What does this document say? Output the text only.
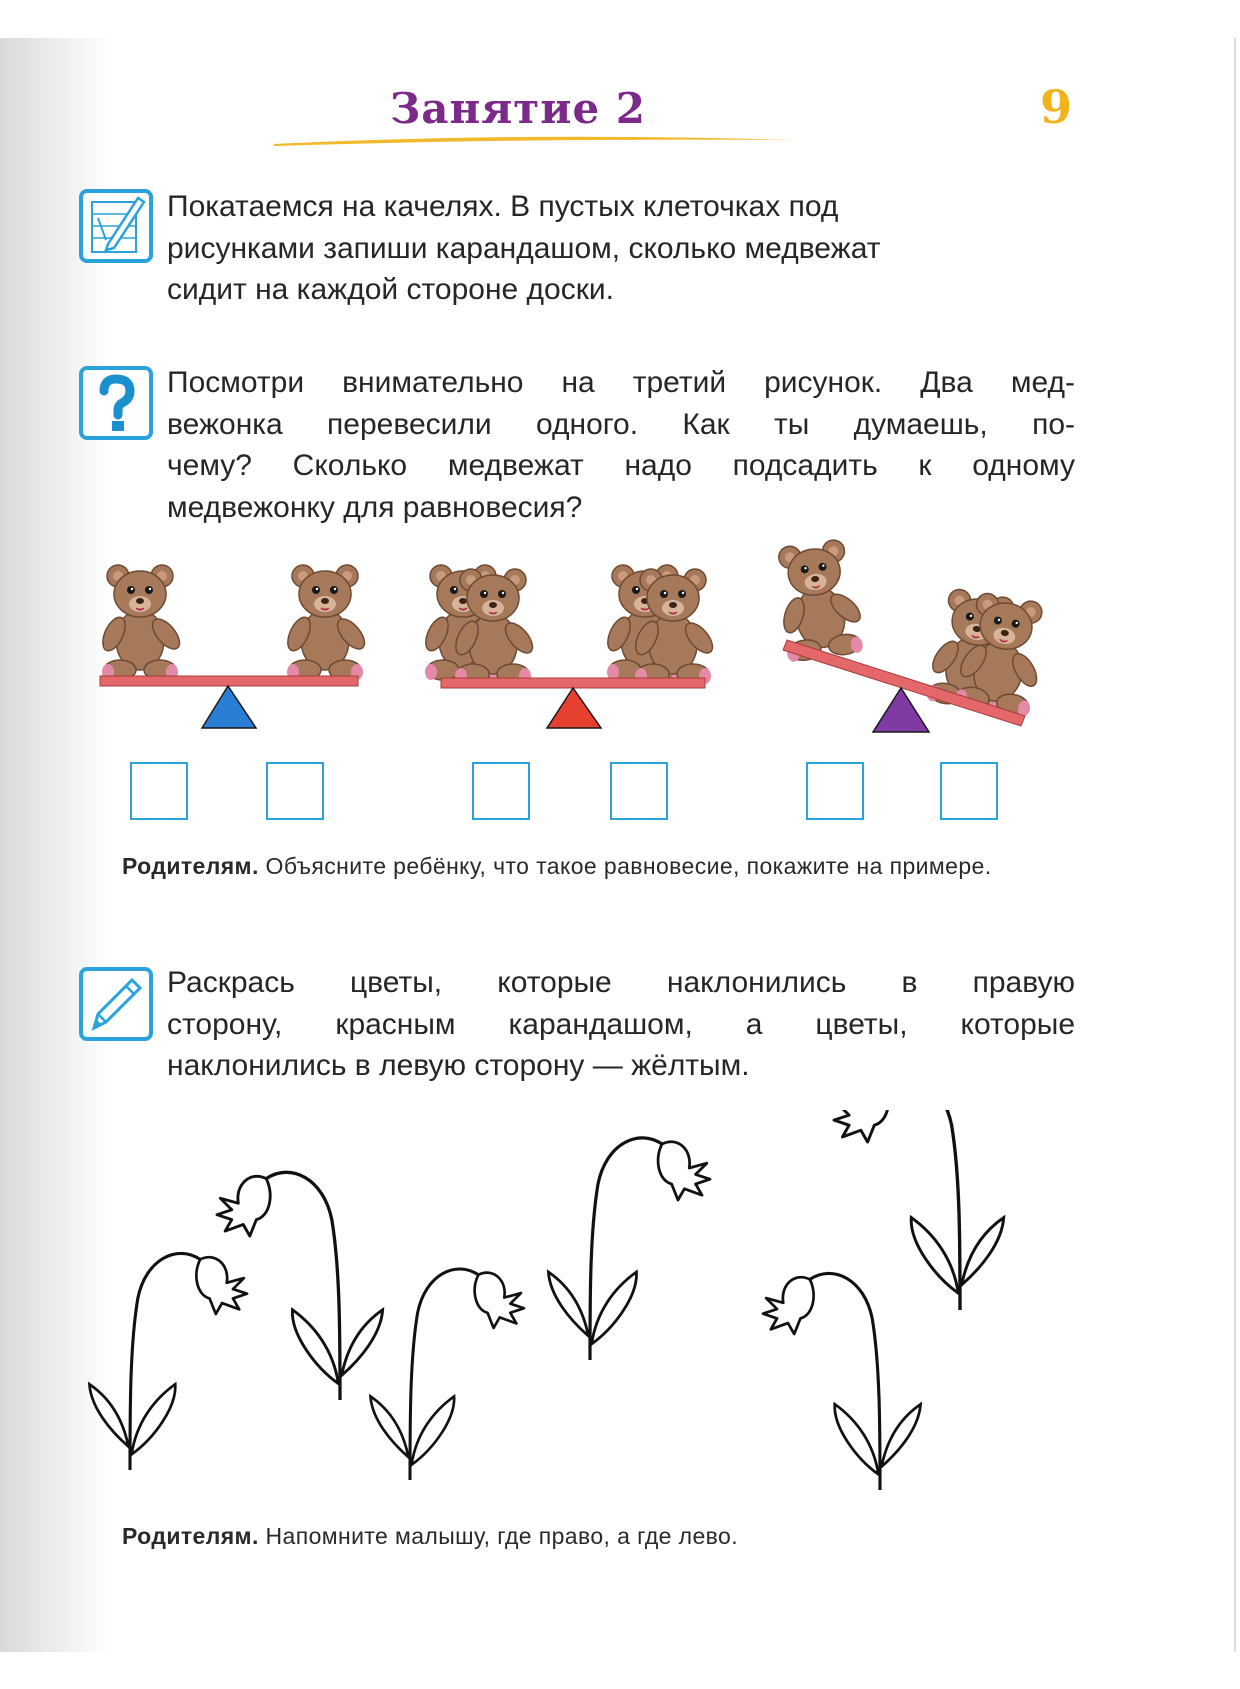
Занятие 2	9
Покатаемся на качелях. В пустых клеточках под
рисунками запиши карандашом, сколько медвежат
сидит на каждой стороне доски.
Посмотри внимательно на третий рисунок. Два мед-
вежонка перевесили одного. Как ты думаешь, по-
чему? Сколько медвежат надо подсадить к одному
медвежонку для равновесия?
Родителям. Объясните ребёнку, что такое равновесие, покажите на примере.
Раскрась цветы, которые наклонились в правую
сторону, красным карандашом, а цветы, которые
наклонились в левую сторону — жёлтым.
Родителям. Напомните малышу, где право, а где лево.
